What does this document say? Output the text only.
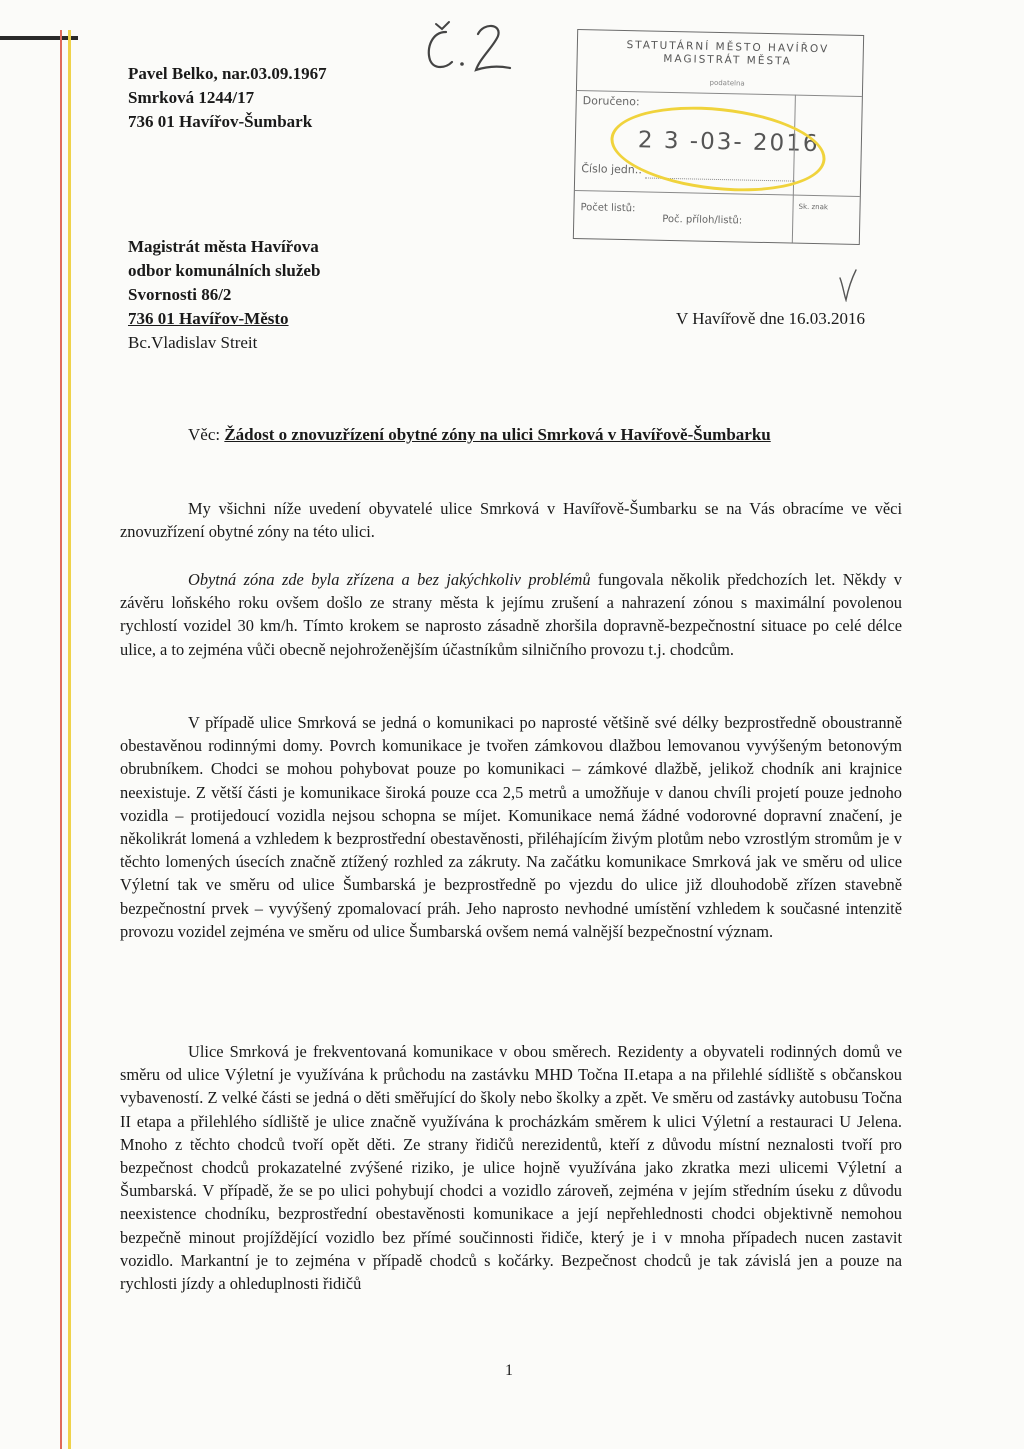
Pavel Belko, nar.03.09.1967
Smrková 1244/17
736 01 Havířov-Šumbark
STATUTÁRNÍ MĚSTO HAVÍŘOV
MAGISTRÁT MĚSTA
podatelna
Doručeno:
2 3 -03- 2016
Číslo jedn.:
Počet listů:
Poč. příloh/listů:
Sk. znak
Magistrát města Havířova
odbor komunálních služeb
Svornosti 86/2
736 01 Havířov-Město
Bc.Vladislav Streit
V Havířově dne 16.03.2016
Věc: Žádost o znovuzřízení obytné zóny na ulici Smrková v Havířově-Šumbarku
My všichni níže uvedení obyvatelé ulice Smrková v Havířově-Šumbarku se na Vás obracíme ve věci znovuzřízení obytné zóny na této ulici.
Obytná zóna zde byla zřízena a bez jakýchkoliv problémů fungovala několik předchozích let. Někdy v závěru loňského roku ovšem došlo ze strany města k jejímu zrušení a nahrazení zónou s maximální povolenou rychlostí vozidel 30 km/h. Tímto krokem se naprosto zásadně zhoršila dopravně-bezpečnostní situace po celé délce ulice, a to zejména vůči obecně nejohroženějším účastníkům silničního provozu t.j. chodcům.
V případě ulice Smrková se jedná o komunikaci po naprosté většině své délky bezprostředně oboustranně obestavěnou rodinnými domy. Povrch komunikace je tvořen zámkovou dlažbou lemovanou vyvýšeným betonovým obrubníkem. Chodci se mohou pohybovat pouze po komunikaci – zámkové dlažbě, jelikož chodník ani krajnice neexistuje. Z větší části je komunikace široká pouze cca 2,5 metrů a umožňuje v danou chvíli projetí pouze jednoho vozidla – protijedoucí vozidla nejsou schopna se míjet. Komunikace nemá žádné vodorovné dopravní značení, je několikrát lomená a vzhledem k bezprostřední obestavěnosti, přiléhajícím živým plotům nebo vzrostlým stromům je v těchto lomených úsecích značně ztížený rozhled za zákruty. Na začátku komunikace Smrková jak ve směru od ulice Výletní tak ve směru od ulice Šumbarská je bezprostředně po vjezdu do ulice již dlouhodobě zřízen stavebně bezpečnostní prvek – vyvýšený zpomalovací práh. Jeho naprosto nevhodné umístění vzhledem k současné intenzitě provozu vozidel zejména ve směru od ulice Šumbarská ovšem nemá valnější bezpečnostní význam.
Ulice Smrková je frekventovaná komunikace v obou směrech. Rezidenty a obyvateli rodinných domů ve směru od ulice Výletní je využívána k průchodu na zastávku MHD Točna II.etapa a na přilehlé sídliště s občanskou vybaveností. Z velké části se jedná o děti směřující do školy nebo školky a zpět. Ve směru od zastávky autobusu Točna II etapa a přilehlého sídliště je ulice značně využívána k procházkám směrem k ulici Výletní a restauraci U Jelena. Mnoho z těchto chodců tvoří opět děti. Ze strany řidičů nerezidentů, kteří z důvodu místní neznalosti tvoří pro bezpečnost chodců prokazatelné zvýšené riziko, je ulice hojně využívána jako zkratka mezi ulicemi Výletní a Šumbarská. V případě, že se po ulici pohybují chodci a vozidlo zároveň, zejména v jejím středním úseku z důvodu neexistence chodníku, bezprostřední obestavěnosti komunikace a její nepřehlednosti chodci objektivně nemohou bezpečně minout projíždějící vozidlo bez přímé součinnosti řidiče, který je i v mnoha případech nucen zastavit vozidlo. Markantní je to zejména v případě chodců s kočárky. Bezpečnost chodců je tak závislá jen a pouze na rychlosti jízdy a ohleduplnosti řidičů
1
